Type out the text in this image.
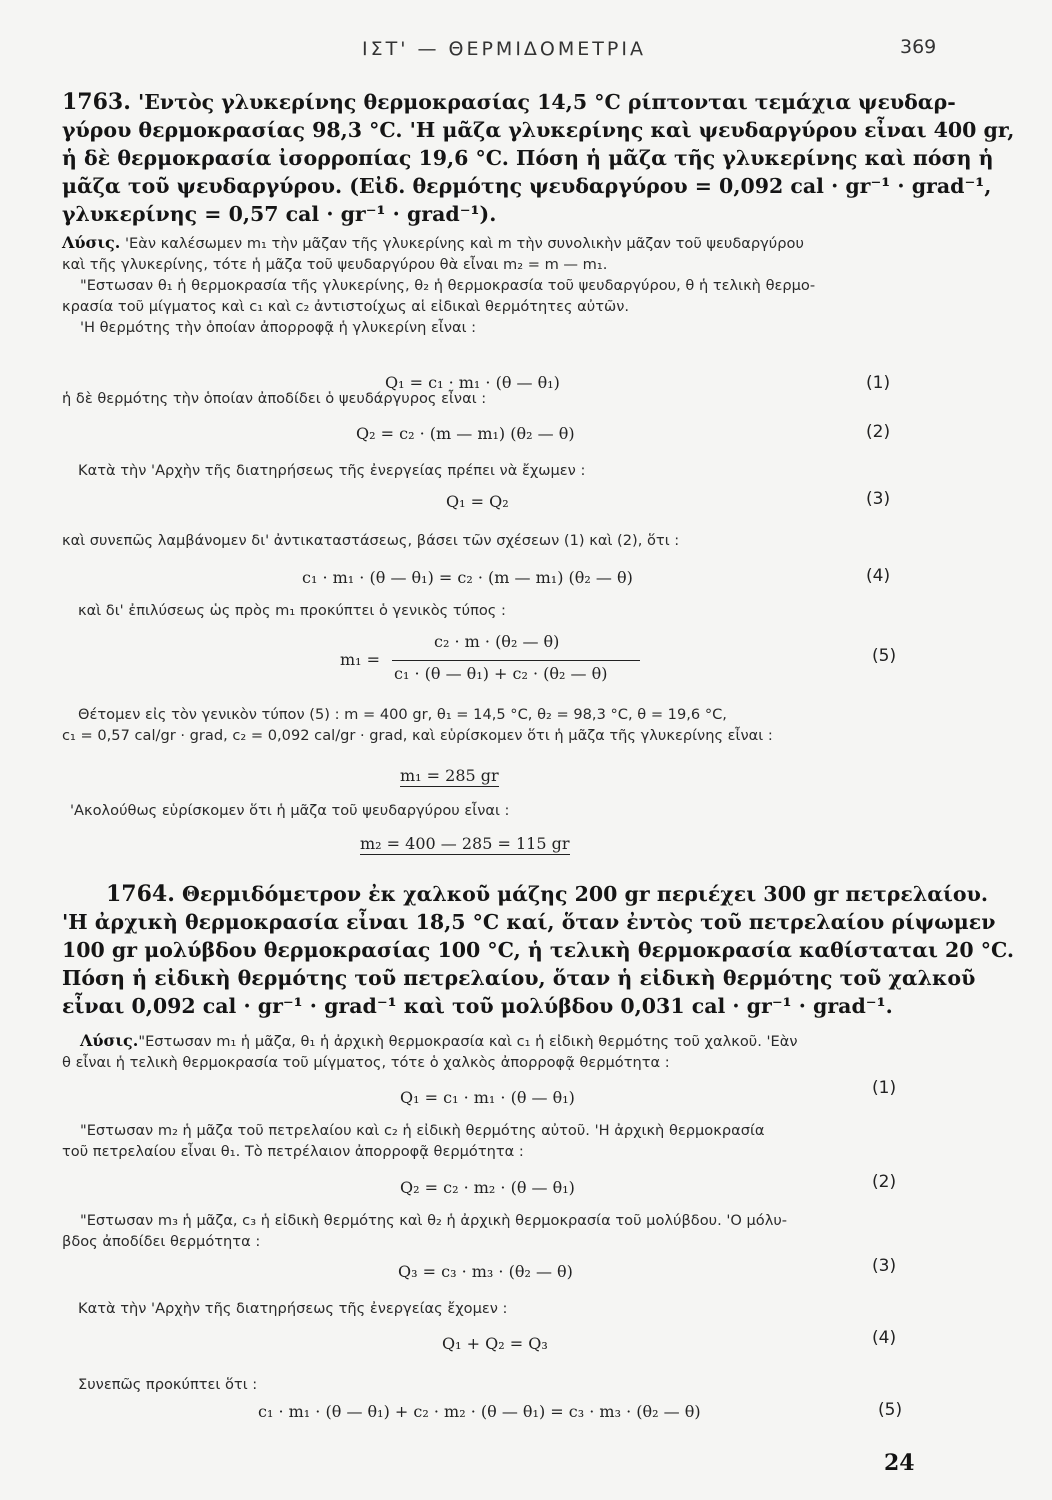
ΙΣΤ' — ΘΕΡΜΙΔΟΜΕΤΡΙΑ	369
1763. 'Εντὸς γλυκερίνης θερμοκρασίας 14,5 °C ρίπτονται τεμάχια ψευδαρ-
γύρου θερμοκρασίας 98,3 °C. 'Η μᾶζα γλυκερίνης καὶ ψευδαργύρου εἶναι 400 gr,
ἡ δὲ θερμοκρασία ἰσορροπίας 19,6 °C. Πόση ἡ μᾶζα τῆς γλυκερίνης καὶ πόση ἡ
μᾶζα τοῦ ψευδαργύρου. (Εἰδ. θερμότης ψευδαργύρου = 0,092 cal · gr⁻¹ · grad⁻¹,
γλυκερίνης = 0,57 cal · gr⁻¹ · grad⁻¹).
Λύσις. 'Εὰν καλέσωμεν m₁ τὴν μᾶζαν τῆς γλυκερίνης καὶ m τὴν συνολικὴν μᾶζαν τοῦ ψευδαργύρου
καὶ τῆς γλυκερίνης, τότε ἡ μᾶζα τοῦ ψευδαργύρου θὰ εἶναι m₂ = m — m₁.
"Εστωσαν θ₁ ἡ θερμοκρασία τῆς γλυκερίνης, θ₂ ἡ θερμοκρασία τοῦ ψευδαργύρου, θ ἡ τελικὴ θερμο-
κρασία τοῦ μίγματος καὶ c₁ καὶ c₂ ἀντιστοίχως αἱ εἰδικαὶ θερμότητες αὐτῶν.
'Η θερμότης τὴν ὁποίαν ἀπορροφᾷ ἡ γλυκερίνη εἶναι :
Q₁ = c₁ · m₁ · (θ — θ₁)	(1)
ἡ δὲ θερμότης τὴν ὁποίαν ἀποδίδει ὁ ψευδάργυρος εἶναι :
Q₂ = c₂ · (m — m₁) (θ₂ — θ)	(2)
Κατὰ τὴν 'Αρχὴν τῆς διατηρήσεως τῆς ἐνεργείας πρέπει νὰ ἔχωμεν :
Q₁ = Q₂	(3)
καὶ συνεπῶς λαμβάνομεν δι' ἀντικαταστάσεως, βάσει τῶν σχέσεων (1) καὶ (2), ὅτι :
c₁ · m₁ · (θ — θ₁) = c₂ · (m — m₁) (θ₂ — θ)	(4)
καὶ δι' ἐπιλύσεως ὡς πρὸς m₁ προκύπτει ὁ γενικὸς τύπος :
m₁ =
c₂ · m · (θ₂ — θ)
c₁ · (θ — θ₁) + c₂ · (θ₂ — θ)
(5)
Θέτομεν εἰς τὸν γενικὸν τύπον (5) : m = 400 gr, θ₁ = 14,5 °C, θ₂ = 98,3 °C, θ = 19,6 °C,
c₁ = 0,57 cal/gr · grad, c₂ = 0,092 cal/gr · grad, καὶ εὑρίσκομεν ὅτι ἡ μᾶζα τῆς γλυκερίνης εἶναι :
m₁ = 285 gr
'Ακολούθως εὑρίσκομεν ὅτι ἡ μᾶζα τοῦ ψευδαργύρου εἶναι :
m₂ = 400 — 285 = 115 gr
1764. Θερμιδόμετρον ἐκ χαλκοῦ μάζης 200 gr περιέχει 300 gr πετρελαίου.
'Η ἀρχικὴ θερμοκρασία εἶναι 18,5 °C καί, ὅταν ἐντὸς τοῦ πετρελαίου ρίψωμεν
100 gr μολύβδου θερμοκρασίας 100 °C, ἡ τελικὴ θερμοκρασία καθίσταται 20 °C.
Πόση ἡ εἰδικὴ θερμότης τοῦ πετρελαίου, ὅταν ἡ εἰδικὴ θερμότης τοῦ χαλκοῦ
εἶναι 0,092 cal · gr⁻¹ · grad⁻¹ καὶ τοῦ μολύβδου 0,031 cal · gr⁻¹ · grad⁻¹.
Λύσις."Εστωσαν m₁ ἡ μᾶζα, θ₁ ἡ ἀρχικὴ θερμοκρασία καὶ c₁ ἡ εἰδικὴ θερμότης τοῦ χαλκοῦ. 'Εὰν
θ εἶναι ἡ τελικὴ θερμοκρασία τοῦ μίγματος, τότε ὁ χαλκὸς ἀπορροφᾷ θερμότητα :
Q₁ = c₁ · m₁ · (θ — θ₁)	(1)
"Εστωσαν m₂ ἡ μᾶζα τοῦ πετρελαίου καὶ c₂ ἡ εἰδικὴ θερμότης αὐτοῦ. 'Η ἀρχικὴ θερμοκρασία
τοῦ πετρελαίου εἶναι θ₁. Τὸ πετρέλαιον ἀπορροφᾷ θερμότητα :
Q₂ = c₂ · m₂ · (θ — θ₁)	(2)
"Εστωσαν m₃ ἡ μᾶζα, c₃ ἡ εἰδικὴ θερμότης καὶ θ₂ ἡ ἀρχικὴ θερμοκρασία τοῦ μολύβδου. 'Ο μόλυ-
βδος ἀποδίδει θερμότητα :
Q₃ = c₃ · m₃ · (θ₂ — θ)	(3)
Κατὰ τὴν 'Αρχὴν τῆς διατηρήσεως τῆς ἐνεργείας ἔχομεν :
Q₁ + Q₂ = Q₃	(4)
Συνεπῶς προκύπτει ὅτι :
c₁ · m₁ · (θ — θ₁) + c₂ · m₂ · (θ — θ₁) = c₃ · m₃ · (θ₂ — θ)	(5)
24
